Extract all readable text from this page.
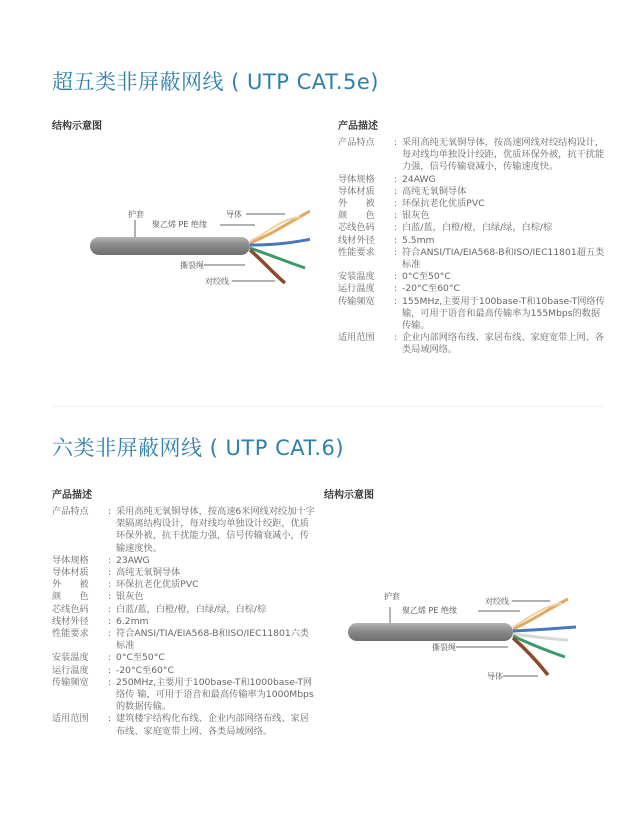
超五类非屏蔽网线 ( UTP CAT.5e)
结构示意图	产品描述
护套
聚乙烯 PE 绝缘
导体
撕裂绳
对绞线
产品特点	: 采用高纯无氧铜导体，按高速网线对绞结构设计，每对线均单独设计绞距，优质环保外被，抗干扰能力强，信号传输衰减小，传输速度快。
导体规格	: 24AWG
导体材质	: 高纯无氧铜导体
外　　被	: 环保抗老化优质PVC
颜　　色	: 银灰色
芯线色码	: 白蓝/蓝，白橙/橙，白绿/绿，白棕/棕
线材外径	: 5.5mm
性能要求	: 符合ANSI/TIA/EIA568-B和ISO/IEC11801超五类标准
安装温度	: 0°C至50°C
运行温度	: -20°C至60°C
传输频宽	: 155MHz,主要用于100base-T和10base-T网络传输，可用于语音和最高传输率为155Mbps的数据传输。
适用范围	: 企业内部网络布线、家居布线、家庭宽带上网、各类局域网络。
六类非屏蔽网线 ( UTP CAT.6)
产品描述	结构示意图
产品特点	: 采用高纯无氧铜导体，按高速6米网线对绞加十字架隔离结构设计，每对线均单独设计绞距，优质环保外被，抗干扰能力强，信号传输衰减小，传输速度快。
导体规格	: 23AWG
导体材质	: 高纯无氧铜导体
外　　被	: 环保抗老化优质PVC
颜　　色	: 银灰色
芯线色码	: 白蓝/蓝，白橙/橙，白绿/绿，白棕/棕
线材外径	: 6.2mm
性能要求	: 符合ANSI/TIA/EIA568-B和ISO/IEC11801六类标准
安装温度	: 0°C至50°C
运行温度	: -20°C至60°C
传输频宽	: 250MHz,主要用于100base-T和1000base-T网络传 输，可用于语音和最高传输率为1000Mbps的数据传输。
适用范围	: 建筑楼宇结构化布线、企业内部网络布线、家居布线、家庭宽带上网、各类局域网络。
护套
聚乙烯 PE 绝缘
对绞线
撕裂绳
导体
